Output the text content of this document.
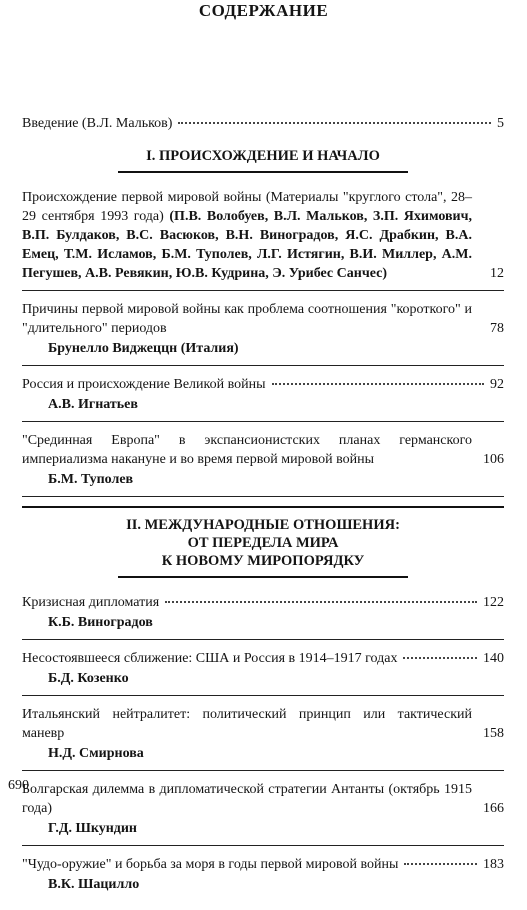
СОДЕРЖАНИЕ
Введение (В.Л. Мальков)	5
I. ПРОИСХОЖДЕНИЕ И НАЧАЛО
Происхождение первой мировой войны (Материалы "круглого стола", 28–29 сентября 1993 года) (П.В. Волобуев, В.Л. Мальков, З.П. Яхимович, В.П. Булдаков, В.С. Васюков, В.Н. Виноградов, Я.С. Драбкин, В.А. Емец, Т.М. Исламов, Б.М. Туполев, Л.Г. Истягин, В.И. Миллер, А.М. Пегушев, А.В. Ревякин, Ю.В. Кудрина, Э. Урибес Санчес)	12
Причины первой мировой войны как проблема соотношения "короткого" и "длительного" периодов	78
Брунелло Виджеццн (Италия)
Россия и происхождение Великой войны	92
А.В. Игнатьев
"Срединная Европа" в экспансионистских планах германского империализма накануне и во время первой мировой войны	106
Б.М. Туполев
II. МЕЖДУНАРОДНЫЕ ОТНОШЕНИЯ:
ОТ ПЕРЕДЕЛА МИРА
К НОВОМУ МИРОПОРЯДКУ
Кризисная дипломатия	122
К.Б. Виноградов
Несостоявшееся сближение: США и Россия в 1914–1917 годах	140
Б.Д. Козенко
Итальянский нейтралитет: политический принцип или тактический маневр	158
Н.Д. Смирнова
Болгарская дилемма в дипломатической стратегии Антанты (октябрь 1915 года)	166
Г.Д. Шкундин
"Чудо-оружие" и борьба за моря в годы первой мировой войны	183
В.К. Шацилло
690
